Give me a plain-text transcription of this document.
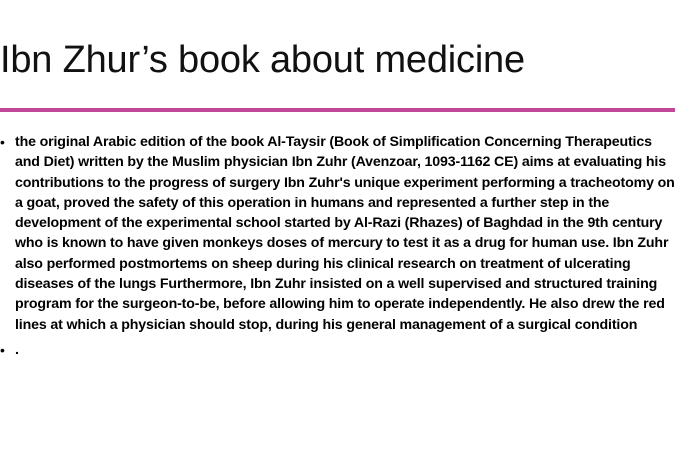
Ibn Zhur’s book about medicine
• the original Arabic edition of the book Al-Taysir (Book of Simplification Concerning Therapeutics and Diet) written by the Muslim physician Ibn Zuhr (Avenzoar, 1093-1162 CE) aims at evaluating his contributions to the progress of surgery Ibn Zuhr's unique experiment performing a tracheotomy on a goat, proved the safety of this operation in humans and represented a further step in the development of the experimental school started by Al-Razi (Rhazes) of Baghdad in the 9th century who is known to have given monkeys doses of mercury to test it as a drug for human use. Ibn Zuhr also performed postmortems on sheep during his clinical research on treatment of ulcerating diseases of the lungs Furthermore, Ibn Zuhr insisted on a well supervised and structured training program for the surgeon-to-be, before allowing him to operate independently. He also drew the red lines at which a physician should stop, during his general management of a surgical condition
• .
